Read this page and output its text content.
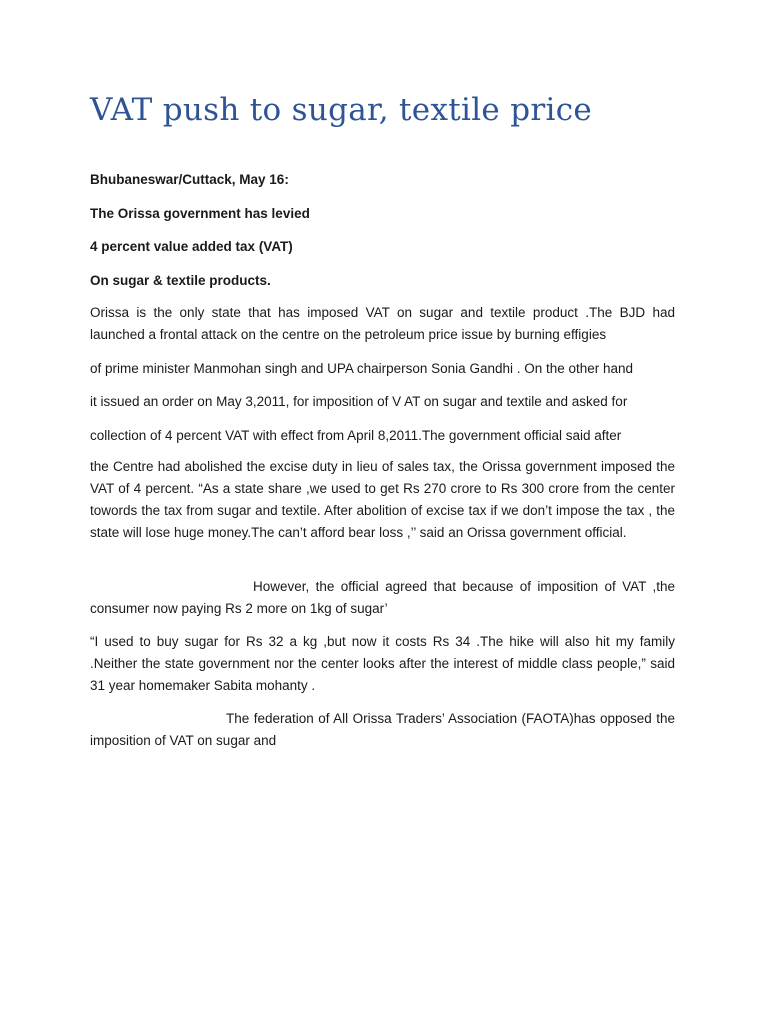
VAT push to sugar, textile price

Bhubaneswar/Cuttack, May 16:

The Orissa government has levied

4 percent value added tax (VAT)

On sugar & textile products.

Orissa is the only state that has imposed VAT on sugar and textile product .The BJD had launched a frontal attack on the centre on the petroleum price issue by burning effigies

of prime minister Manmohan singh and UPA chairperson Sonia Gandhi . On the other hand

it issued an order on May 3,2011, for imposition of V AT on sugar and textile and asked for

collection of 4 percent VAT with effect from April 8,2011.The government official said after

the Centre had abolished the excise duty in lieu of sales tax, the Orissa government imposed the VAT of 4 percent. “As a state share ,we used to get Rs 270 crore to Rs 300 crore from the center towords the tax from sugar and textile. After abolition of excise tax if we don’t impose the tax , the state will lose huge money.The can’t afford bear loss ,’’ said an Orissa government official.

However, the official agreed that because of imposition of VAT ,the consumer now paying Rs 2 more on 1kg of sugar’

“I used to buy sugar for Rs 32 a kg ,but now it costs Rs 34 .The hike will also hit my family .Neither the state government nor the center looks after the interest of middle class people,” said 31 year homemaker Sabita mohanty .

The federation of All Orissa Traders’ Association (FAOTA)has opposed the imposition of VAT on sugar and
